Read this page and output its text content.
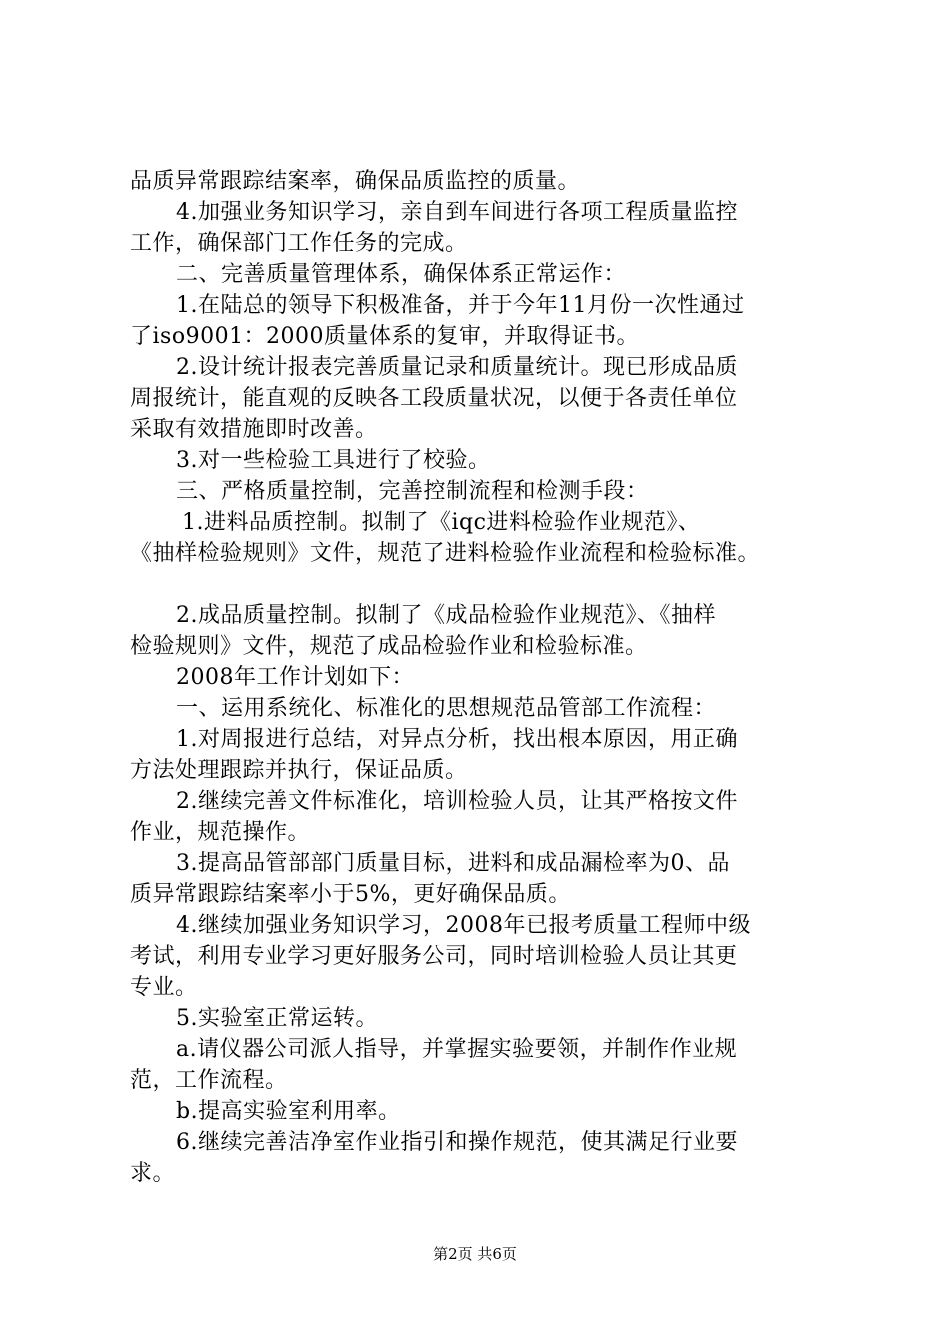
品质异常跟踪结案率，确保品质监控的质量。
4.加强业务知识学习，亲自到车间进行各项工程质量监控
工作，确保部门工作任务的完成。
二、完善质量管理体系，确保体系正常运作：
1.在陆总的领导下积极准备，并于今年11月份一次性通过
了iso9001：2000质量体系的复审，并取得证书。
2.设计统计报表完善质量记录和质量统计。现已形成品质
周报统计，能直观的反映各工段质量状况，以便于各责任单位
采取有效措施即时改善。
3.对一些检验工具进行了校验。
三、严格质量控制，完善控制流程和检测手段：
1.进料品质控制。拟制了《iqc进料检验作业规范》、
《抽样检验规则》文件，规范了进料检验作业流程和检验标准。
2.成品质量控制。拟制了《成品检验作业规范》、《抽样
检验规则》文件，规范了成品检验作业和检验标准。
2008年工作计划如下：
一、运用系统化、标准化的思想规范品管部工作流程：
1.对周报进行总结，对异点分析，找出根本原因，用正确
方法处理跟踪并执行，保证品质。
2.继续完善文件标准化，培训检验人员，让其严格按文件
作业，规范操作。
3.提高品管部部门质量目标，进料和成品漏检率为0、品
质异常跟踪结案率小于5%，更好确保品质。
4.继续加强业务知识学习，2008年已报考质量工程师中级
考试，利用专业学习更好服务公司，同时培训检验人员让其更
专业。
5.实验室正常运转。
a.请仪器公司派人指导，并掌握实验要领，并制作作业规
范，工作流程。
b.提高实验室利用率。
6.继续完善洁净室作业指引和操作规范，使其满足行业要
求。
第2页 共6页
